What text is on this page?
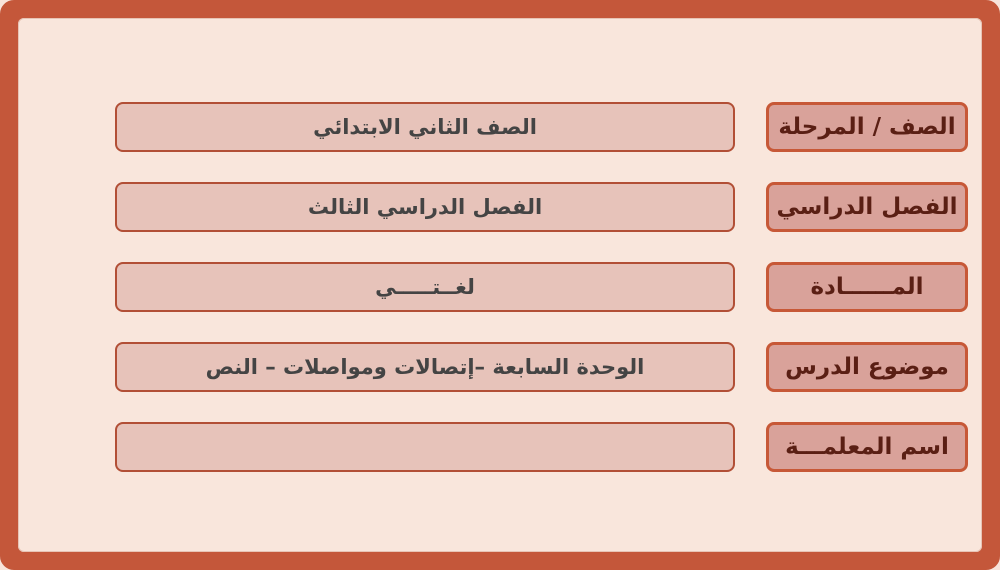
الصف الثاني الابتدائي	الصف / المرحلة
الفصل الدراسي الثالث	الفصل الدراسي
لغــتـــــي	المــــــادة
الوحدة السابعة –إتصالات ومواصلات – النص	موضوع الدرس
اسم المعلمـــة
